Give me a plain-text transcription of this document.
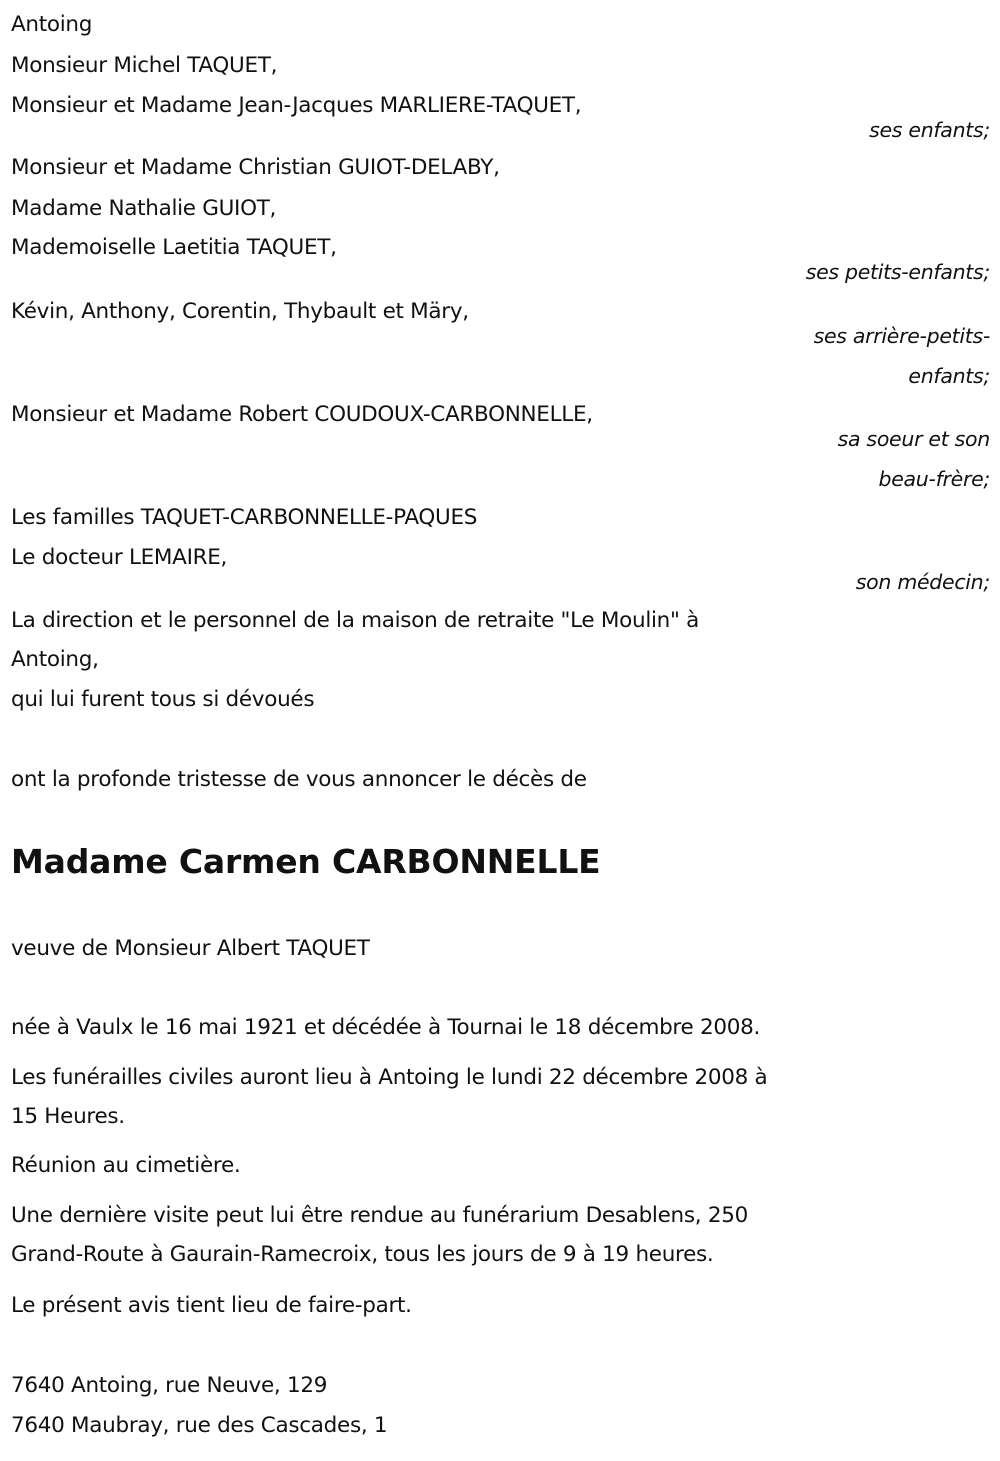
Antoing
Monsieur Michel TAQUET,
Monsieur et Madame Jean-Jacques MARLIERE-TAQUET,
ses enfants;
Monsieur et Madame Christian GUIOT-DELABY,
Madame Nathalie GUIOT,
Mademoiselle Laetitia TAQUET,
ses petits-enfants;
Kévin, Anthony, Corentin, Thybault et Märy,
ses arrière-petits-
enfants;
Monsieur et Madame Robert COUDOUX-CARBONNELLE,
sa soeur et son
beau-frère;
Les familles TAQUET-CARBONNELLE-PAQUES
Le docteur LEMAIRE,
son médecin;
La direction et le personnel de la maison de retraite "Le Moulin" à
Antoing,
qui lui furent tous si dévoués
ont la profonde tristesse de vous annoncer le décès de
Madame Carmen CARBONNELLE
veuve de Monsieur Albert TAQUET
née à Vaulx le 16 mai 1921 et décédée à Tournai le 18 décembre 2008.
Les funérailles civiles auront lieu à Antoing le lundi 22 décembre 2008 à
15 Heures.
Réunion au cimetière.
Une dernière visite peut lui être rendue au funérarium Desablens, 250
Grand-Route à Gaurain-Ramecroix, tous les jours de 9 à 19 heures.
Le présent avis tient lieu de faire-part.
7640 Antoing, rue Neuve, 129
7640 Maubray, rue des Cascades, 1
